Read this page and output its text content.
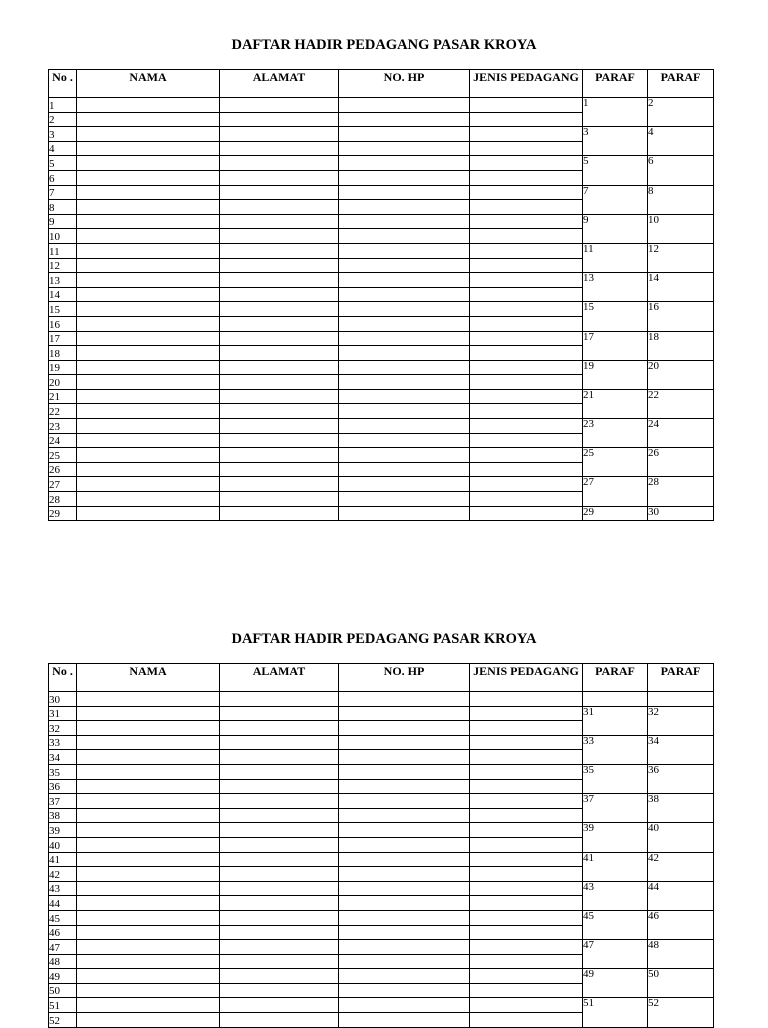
DAFTAR HADIR PEDAGANG PASAR KROYA
No .	NAMA	ALAMAT	NO. HP	JENIS PEDAGANG	PARAF	PARAF
1					1	2
2						
3					3	4
4						
5					5	6
6						
7					7	8
8						
9					9	10
10						
11					11	12
12						
13					13	14
14						
15					15	16
16						
17					17	18
18						
19					19	20
20						
21					21	22
22						
23					23	24
24						
25					25	26
26						
27					27	28
28						
29					29	30
DAFTAR HADIR PEDAGANG PASAR KROYA
No .	NAMA	ALAMAT	NO. HP	JENIS PEDAGANG	PARAF	PARAF
30						
31					31	32
32						
33					33	34
34						
35					35	36
36						
37					37	38
38						
39					39	40
40						
41					41	42
42						
43					43	44
44						
45					45	46
46						
47					47	48
48						
49					49	50
50						
51					51	52
52						
